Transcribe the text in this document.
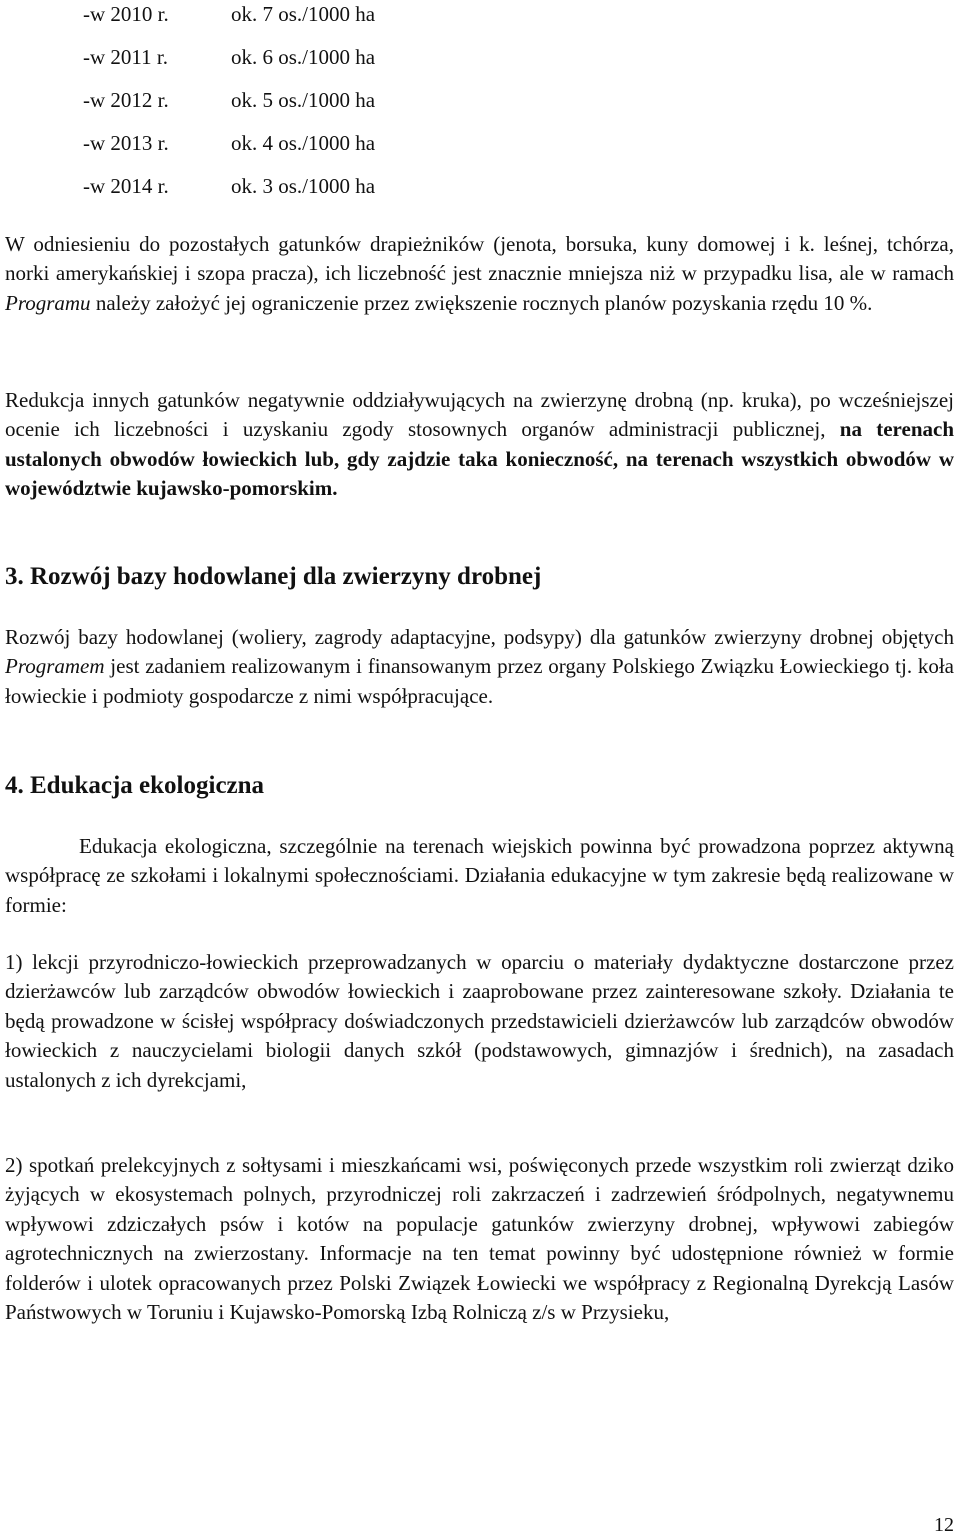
-w 2010 r.	ok. 7 os./1000 ha
-w 2011 r.	ok. 6 os./1000 ha
-w 2012 r.	ok. 5 os./1000 ha
-w 2013 r.	ok. 4 os./1000 ha
-w 2014 r.	ok. 3 os./1000 ha

W odniesieniu do pozostałych gatunków drapieżników (jenota, borsuka, kuny domowej i k. leśnej, tchórza, norki amerykańskiej i szopa pracza), ich liczebność jest znacznie mniejsza niż w przypadku lisa, ale w ramach Programu należy założyć jej ograniczenie przez zwiększenie rocznych planów pozyskania rzędu 10 %.

Redukcja innych gatunków negatywnie oddziaływujących na zwierzynę drobną (np. kruka), po wcześniejszej ocenie ich liczebności i uzyskaniu zgody stosownych organów administracji publicznej, na terenach ustalonych obwodów łowieckich lub, gdy zajdzie taka konieczność, na terenach wszystkich obwodów w województwie kujawsko-pomorskim.

3. Rozwój bazy hodowlanej dla zwierzyny drobnej

Rozwój bazy hodowlanej (woliery, zagrody adaptacyjne, podsypy) dla gatunków zwierzyny drobnej objętych Programem jest zadaniem realizowanym i finansowanym przez organy Polskiego Związku Łowieckiego tj. koła łowieckie i podmioty gospodarcze z nimi współpracujące.

4. Edukacja ekologiczna

Edukacja ekologiczna, szczególnie na terenach wiejskich powinna być prowadzona poprzez aktywną współpracę ze szkołami i lokalnymi społecznościami. Działania edukacyjne w tym zakresie będą realizowane w formie:

1) lekcji przyrodniczo-łowieckich przeprowadzanych w oparciu o materiały dydaktyczne dostarczone przez dzierżawców lub zarządców obwodów łowieckich i zaaprobowane przez zainteresowane szkoły. Działania te będą prowadzone w ścisłej współpracy doświadczonych przedstawicieli dzierżawców lub zarządców obwodów łowieckich z nauczycielami biologii danych szkół (podstawowych, gimnazjów i średnich), na zasadach ustalonych z ich dyrekcjami,

2) spotkań prelekcyjnych z sołtysami i mieszkańcami wsi, poświęconych przede wszystkim roli zwierząt dziko żyjących w ekosystemach polnych, przyrodniczej roli zakrzaczeń i zadrzewień śródpolnych, negatywnemu wpływowi zdziczałych psów i kotów na populacje gatunków zwierzyny drobnej, wpływowi zabiegów agrotechnicznych na zwierzostany. Informacje na ten temat powinny być udostępnione również w formie folderów i ulotek opracowanych przez Polski Związek Łowiecki we współpracy z Regionalną Dyrekcją Lasów Państwowych w Toruniu i Kujawsko-Pomorską Izbą Rolniczą z/s w Przysieku,

12
